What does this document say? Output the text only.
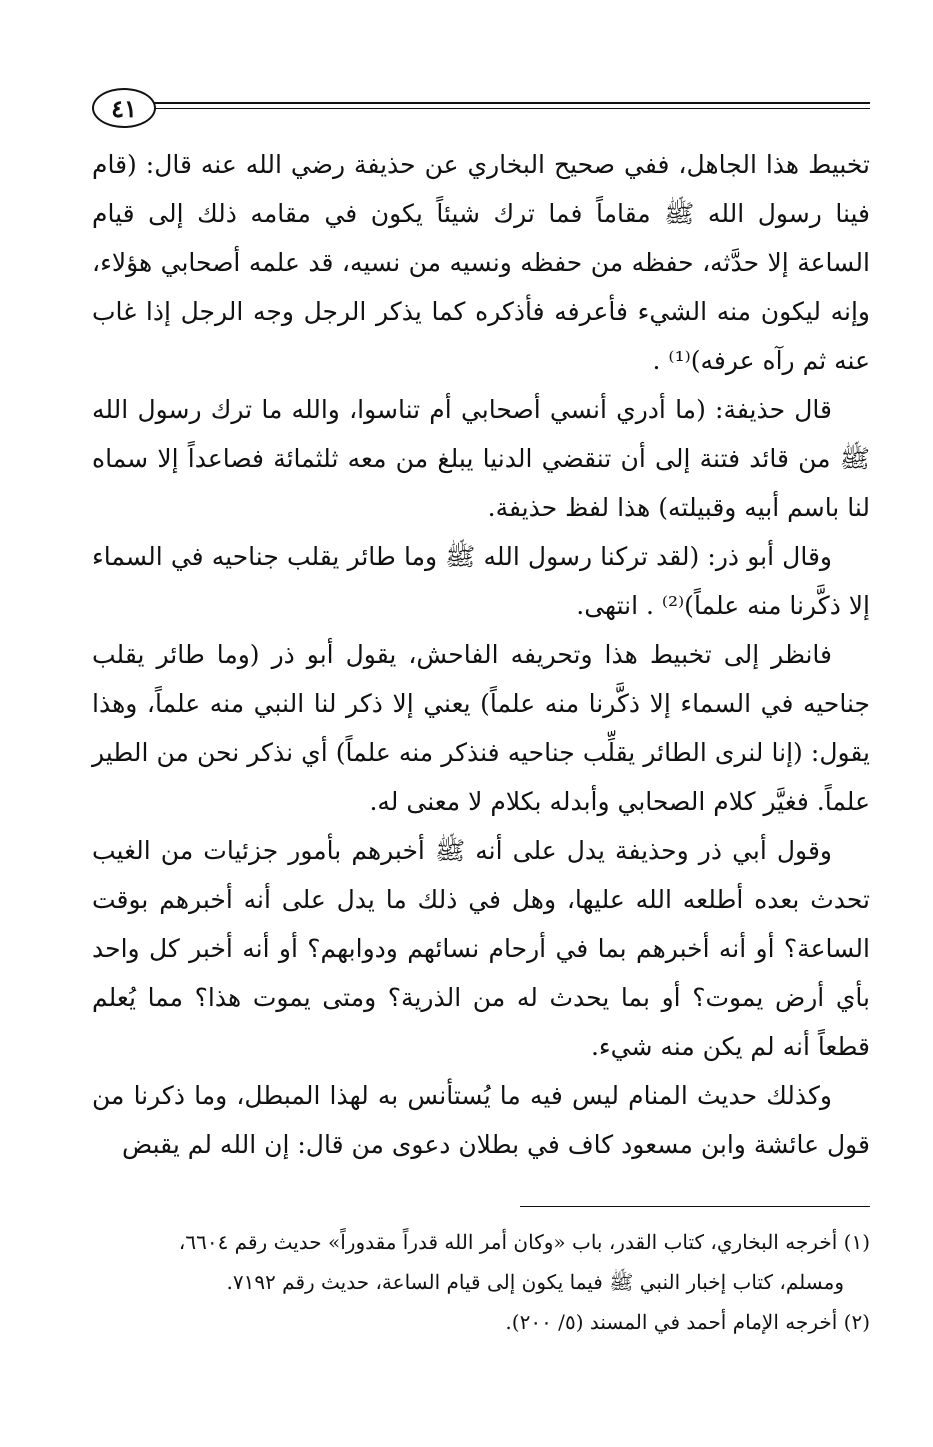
٤١

تخبيط هذا الجاهل، ففي صحيح البخاري عن حذيفة رضي الله عنه قال: (قام فينا رسول الله ﷺ مقاماً فما ترك شيئاً يكون في مقامه ذلك إلى قيام الساعة إلا حدَّثه، حفظه من حفظه ونسيه من نسيه، قد علمه أصحابي هؤلاء، وإنه ليكون منه الشيء فأعرفه فأذكره كما يذكر الرجل وجه الرجل إذا غاب عنه ثم رآه عرفه)⁽¹⁾ .

قال حذيفة: (ما أدري أنسي أصحابي أم تناسوا، والله ما ترك رسول الله ﷺ من قائد فتنة إلى أن تنقضي الدنيا يبلغ من معه ثلثمائة فصاعداً إلا سماه لنا باسم أبيه وقبيلته) هذا لفظ حذيفة.

وقال أبو ذر: (لقد تركنا رسول الله ﷺ وما طائر يقلب جناحيه في السماء إلا ذكَّرنا منه علماً)⁽²⁾ . انتهى.

فانظر إلى تخبيط هذا وتحريفه الفاحش، يقول أبو ذر (وما طائر يقلب جناحيه في السماء إلا ذكَّرنا منه علماً) يعني إلا ذكر لنا النبي منه علماً، وهذا يقول: (إنا لنرى الطائر يقلِّب جناحيه فنذكر منه علماً) أي نذكر نحن من الطير علماً. فغيَّر كلام الصحابي وأبدله بكلام لا معنى له.

وقول أبي ذر وحذيفة يدل على أنه ﷺ أخبرهم بأمور جزئيات من الغيب تحدث بعده أطلعه الله عليها، وهل في ذلك ما يدل على أنه أخبرهم بوقت الساعة؟ أو أنه أخبرهم بما في أرحام نسائهم ودوابهم؟ أو أنه أخبر كل واحد بأي أرض يموت؟ أو بما يحدث له من الذرية؟ ومتى يموت هذا؟ مما يُعلم قطعاً أنه لم يكن منه شيء.

وكذلك حديث المنام ليس فيه ما يُستأنس به لهذا المبطل، وما ذكرنا من قول عائشة وابن مسعود كاف في بطلان دعوى من قال: إن الله لم يقبض

(١) أخرجه البخاري، كتاب القدر، باب «وكان أمر الله قدراً مقدوراً» حديث رقم ٦٦٠٤،

ومسلم، كتاب إخبار النبي ﷺ فيما يكون إلى قيام الساعة، حديث رقم ٧١٩٢.

(٢) أخرجه الإمام أحمد في المسند (٥/ ٢٠٠).
